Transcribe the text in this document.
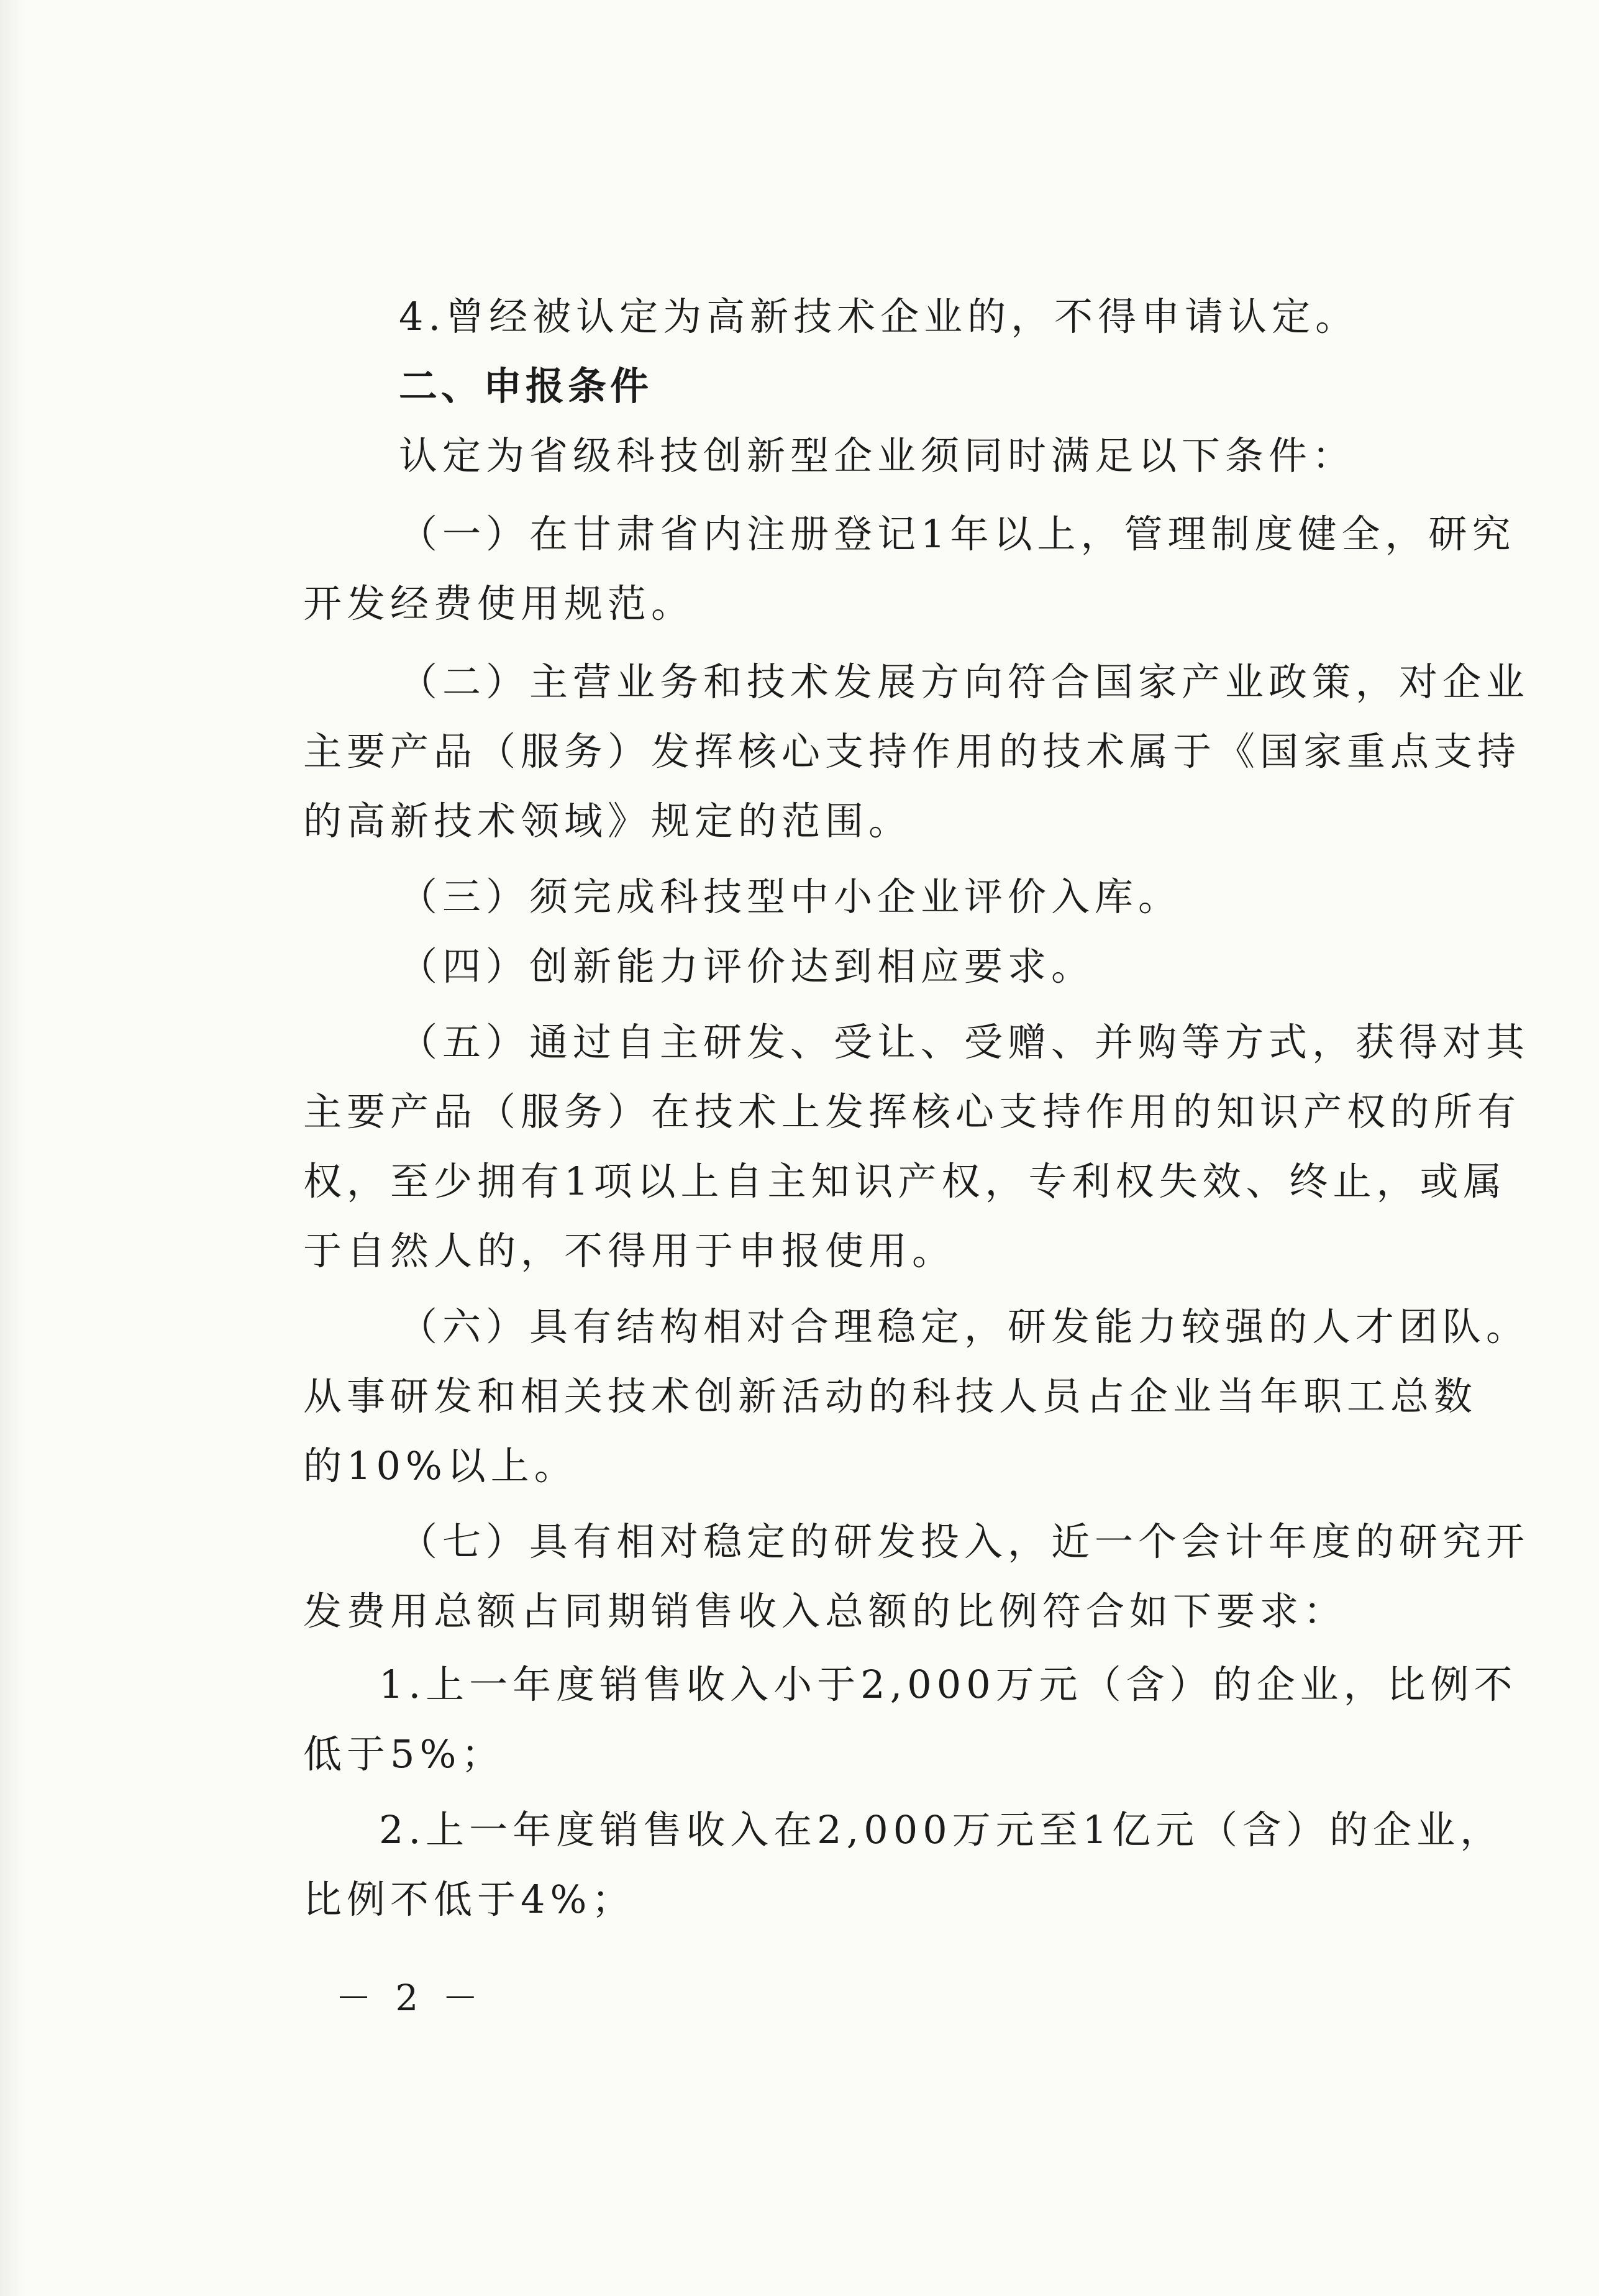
4.曾经被认定为高新技术企业的，不得申请认定。
二、申报条件
认定为省级科技创新型企业须同时满足以下条件：
（一）在甘肃省内注册登记1年以上，管理制度健全，研究
开发经费使用规范。
（二）主营业务和技术发展方向符合国家产业政策，对企业
主要产品（服务）发挥核心支持作用的技术属于《国家重点支持
的高新技术领域》规定的范围。
（三）须完成科技型中小企业评价入库。
（四）创新能力评价达到相应要求。
（五）通过自主研发、受让、受赠、并购等方式，获得对其
主要产品（服务）在技术上发挥核心支持作用的知识产权的所有
权，至少拥有1项以上自主知识产权，专利权失效、终止，或属
于自然人的，不得用于申报使用。
（六）具有结构相对合理稳定，研发能力较强的人才团队。
从事研发和相关技术创新活动的科技人员占企业当年职工总数
的10%以上。
（七）具有相对稳定的研发投入，近一个会计年度的研究开
发费用总额占同期销售收入总额的比例符合如下要求：
1.上一年度销售收入小于2,000万元（含）的企业，比例不
低于5%；
2.上一年度销售收入在2,000万元至1亿元（含）的企业，
比例不低于4%；
－ 2 －
